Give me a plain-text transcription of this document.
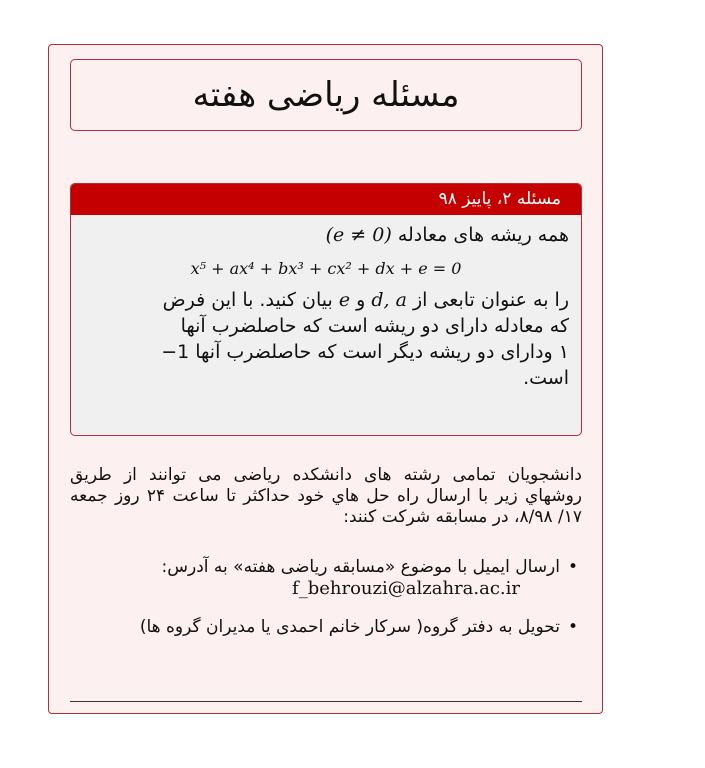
مسئله ریاضی هفته
مسئله ۲، پاییز ۹۸
همه ریشه های معادله (e ≠ 0)
x⁵ + ax⁴ + bx³ + cx² + dx + e = 0
را به عنوان تابعی از d, a و e بیان کنید. با این فرض
که معادله دارای دو ریشه است که حاصلضرب آنها
۱ ودارای دو ریشه دیگر است که حاصلضرب آنها 1−
است.

دانشجویان تمامی رشته های دانشکده ریاضی می توانند از طریق روشهاي زیر با ارسال راه حل هاي خود حداكثر تا ساعت ۲۴ روز جمعه ۱۷/ ۸/۹۸، در مسابقه شرکت کنند:

• ارسال ایمیل با موضوع «مسابقه ریاضی هفته» به آدرس:
f_behrouzi@alzahra.ac.ir
• تحویل به دفتر گروه( سرکار خانم احمدی یا مدیران گروه ها)
